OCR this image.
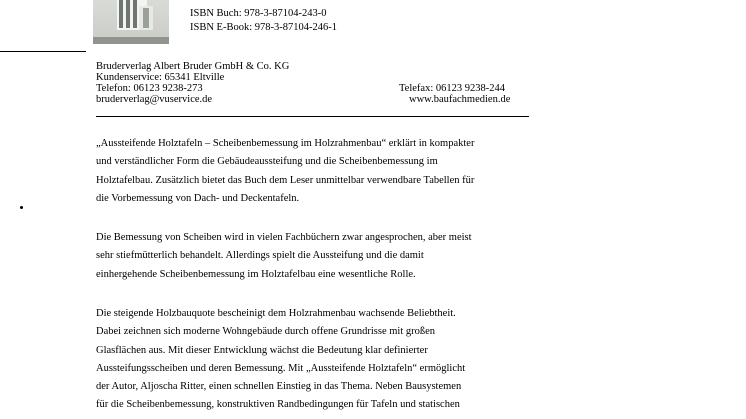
ISBN Buch: 978-3-87104-243-0
ISBN E-Book: 978-3-87104-246-1
Bruderverlag Albert Bruder GmbH & Co. KG
Kundenservice: 65341 Eltville
Telefon: 06123 9238-273	Telefax: 06123 9238-244
bruderverlag@vuservice.de	www.baufachmedien.de

„Aussteifende Holztafeln – Scheibenbemessung im Holzrahmenbau“ erklärt in kompakter
und verständlicher Form die Gebäudeaussteifung und die Scheibenbemessung im
Holztafelbau. Zusätzlich bietet das Buch dem Leser unmittelbar verwendbare Tabellen für
die Vorbemessung von Dach- und Deckentafeln.

Die Bemessung von Scheiben wird in vielen Fachbüchern zwar angesprochen, aber meist
sehr stiefmütterlich behandelt. Allerdings spielt die Aussteifung und die damit
einhergehende Scheibenbemessung im Holztafelbau eine wesentliche Rolle.

Die steigende Holzbauquote bescheinigt dem Holzrahmenbau wachsende Beliebtheit.
Dabei zeichnen sich moderne Wohngebäude durch offene Grundrisse mit großen
Glasflächen aus. Mit dieser Entwicklung wächst die Bedeutung klar definierter
Aussteifungsscheiben und deren Bemessung. Mit „Aussteifende Holztafeln“ ermöglicht
der Autor, Aljoscha Ritter, einen schnellen Einstieg in das Thema. Neben Bausystemen
für die Scheibenbemessung, konstruktiven Randbedingungen für Tafeln und statischen
